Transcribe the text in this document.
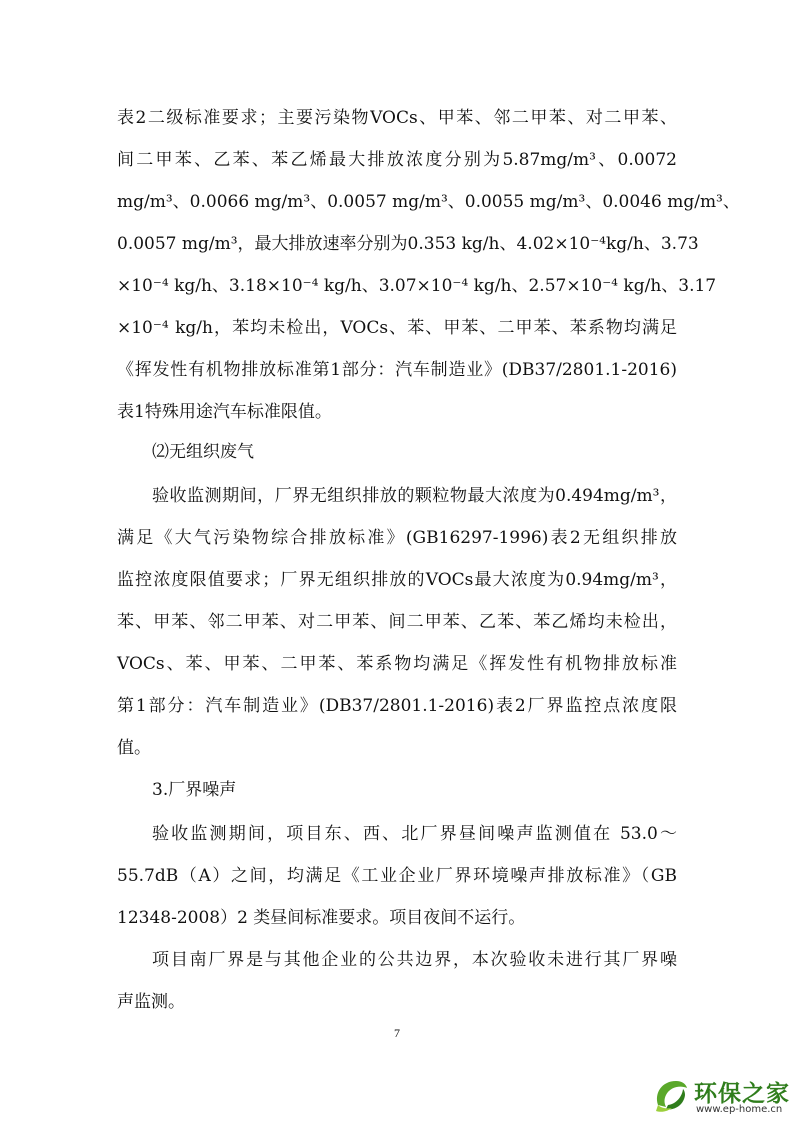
表2二级标准要求；主要污染物VOCs、甲苯、邻二甲苯、对二甲苯、
间二甲苯、乙苯、苯乙烯最大排放浓度分别为5.87mg/m³、0.0072
mg/m³、0.0066 mg/m³、0.0057 mg/m³、0.0055 mg/m³、0.0046 mg/m³、
0.0057 mg/m³，最大排放速率分别为0.353 kg/h、4.02×10⁻⁴kg/h、3.73
×10⁻⁴ kg/h、3.18×10⁻⁴ kg/h、3.07×10⁻⁴ kg/h、2.57×10⁻⁴ kg/h、3.17
×10⁻⁴ kg/h，苯均未检出，VOCs、苯、甲苯、二甲苯、苯系物均满足
《挥发性有机物排放标准第1部分：汽车制造业》(DB37/2801.1-2016)
表1特殊用途汽车标准限值。
⑵无组织废气
验收监测期间，厂界无组织排放的颗粒物最大浓度为0.494mg/m³，
满足《大气污染物综合排放标准》(GB16297-1996)表2无组织排放
监控浓度限值要求；厂界无组织排放的VOCs最大浓度为0.94mg/m³，
苯、甲苯、邻二甲苯、对二甲苯、间二甲苯、乙苯、苯乙烯均未检出，
VOCs、苯、甲苯、二甲苯、苯系物均满足《挥发性有机物排放标准
第1部分：汽车制造业》(DB37/2801.1-2016)表2厂界监控点浓度限
值。
3.厂界噪声
验收监测期间，项目东、西、北厂界昼间噪声监测值在 53.0～
55.7dB（A）之间，均满足《工业企业厂界环境噪声排放标准》（GB
12348-2008）2 类昼间标准要求。项目夜间不运行。
项目南厂界是与其他企业的公共边界，本次验收未进行其厂界噪
声监测。
7
环保之家
www.ep-home.cn
